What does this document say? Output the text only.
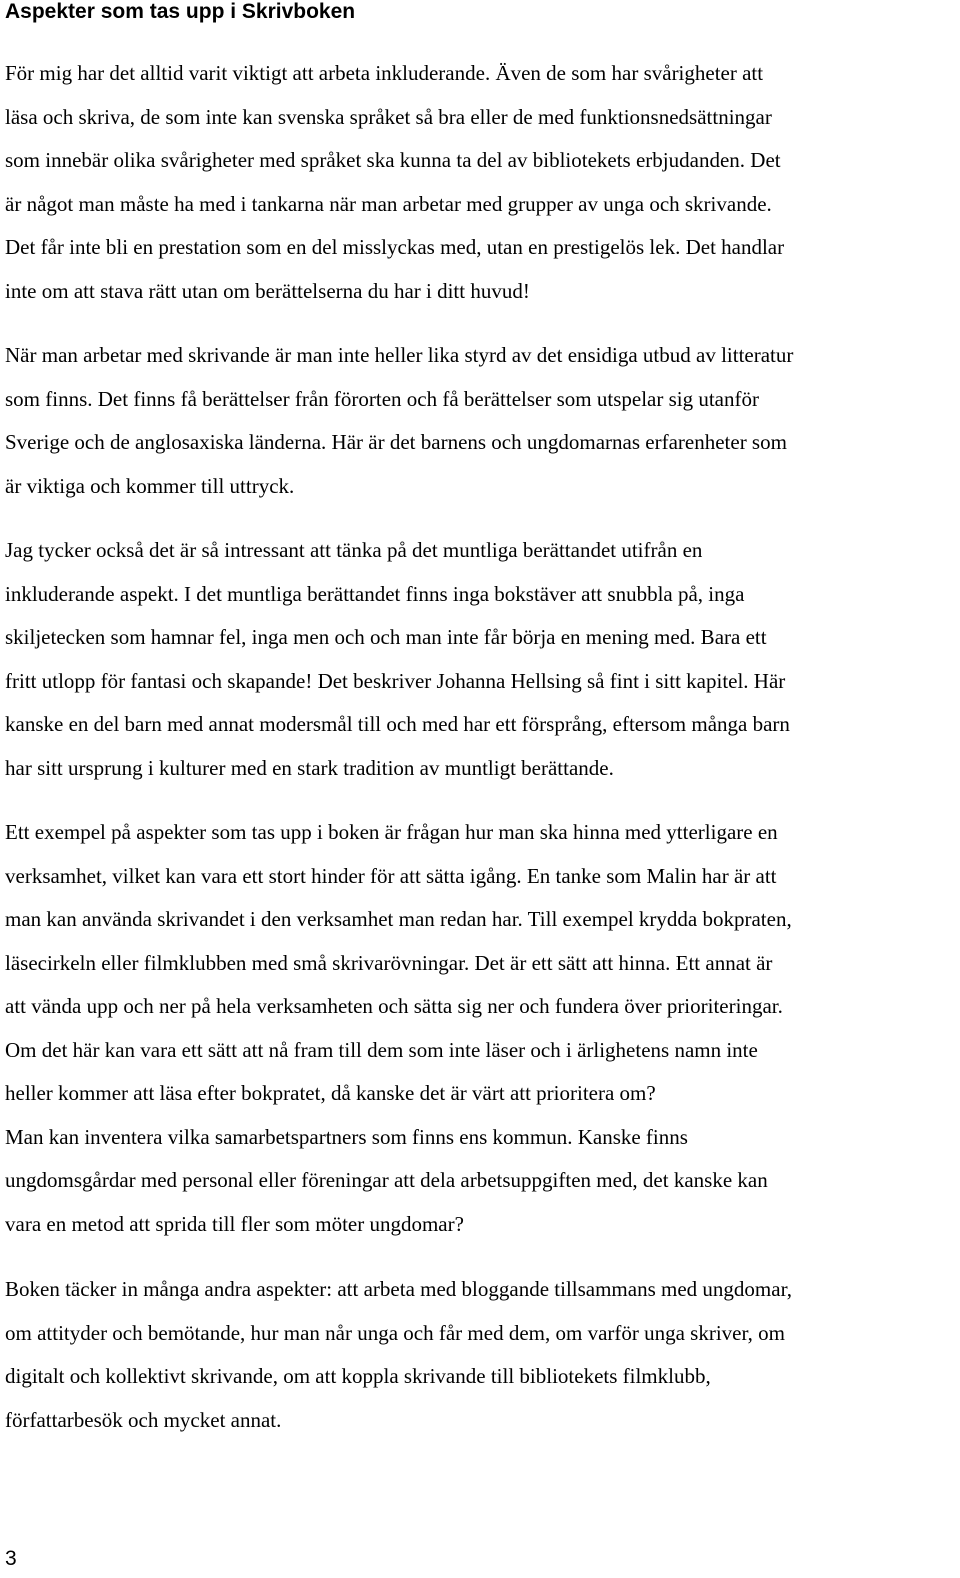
Aspekter som tas upp i Skrivboken

För mig har det alltid varit viktigt att arbeta inkluderande. Även de som har svårigheter att
läsa och skriva, de som inte kan svenska språket så bra eller de med funktionsnedsättningar
som innebär olika svårigheter med språket ska kunna ta del av bibliotekets erbjudanden. Det
är något man måste ha med i tankarna när man arbetar med grupper av unga och skrivande.
Det får inte bli en prestation som en del misslyckas med, utan en prestigelös lek. Det handlar
inte om att stava rätt utan om berättelserna du har i ditt huvud!

När man arbetar med skrivande är man inte heller lika styrd av det ensidiga utbud av litteratur
som finns. Det finns få berättelser från förorten och få berättelser som utspelar sig utanför
Sverige och de anglosaxiska länderna. Här är det barnens och ungdomarnas erfarenheter som
är viktiga och kommer till uttryck.

Jag tycker också det är så intressant att tänka på det muntliga berättandet utifrån en
inkluderande aspekt. I det muntliga berättandet finns inga bokstäver att snubbla på, inga
skiljetecken som hamnar fel, inga men och och man inte får börja en mening med. Bara ett
fritt utlopp för fantasi och skapande! Det beskriver Johanna Hellsing så fint i sitt kapitel. Här
kanske en del barn med annat modersmål till och med har ett försprång, eftersom många barn
har sitt ursprung i kulturer med en stark tradition av muntligt berättande.

Ett exempel på aspekter som tas upp i boken är frågan hur man ska hinna med ytterligare en
verksamhet, vilket kan vara ett stort hinder för att sätta igång. En tanke som Malin har är att
man kan använda skrivandet i den verksamhet man redan har. Till exempel krydda bokpraten,
läsecirkeln eller filmklubben med små skrivarövningar. Det är ett sätt att hinna. Ett annat är
att vända upp och ner på hela verksamheten och sätta sig ner och fundera över prioriteringar.
Om det här kan vara ett sätt att nå fram till dem som inte läser och i ärlighetens namn inte
heller kommer att läsa efter bokpratet, då kanske det är värt att prioritera om?
Man kan inventera vilka samarbetspartners som finns ens kommun. Kanske finns
ungdomsgårdar med personal eller föreningar att dela arbetsuppgiften med, det kanske kan
vara en metod att sprida till fler som möter ungdomar?

Boken täcker in många andra aspekter: att arbeta med bloggande tillsammans med ungdomar,
om attityder och bemötande, hur man når unga och får med dem, om varför unga skriver, om
digitalt och kollektivt skrivande, om att koppla skrivande till bibliotekets filmklubb,
författarbesök och mycket annat.

3
